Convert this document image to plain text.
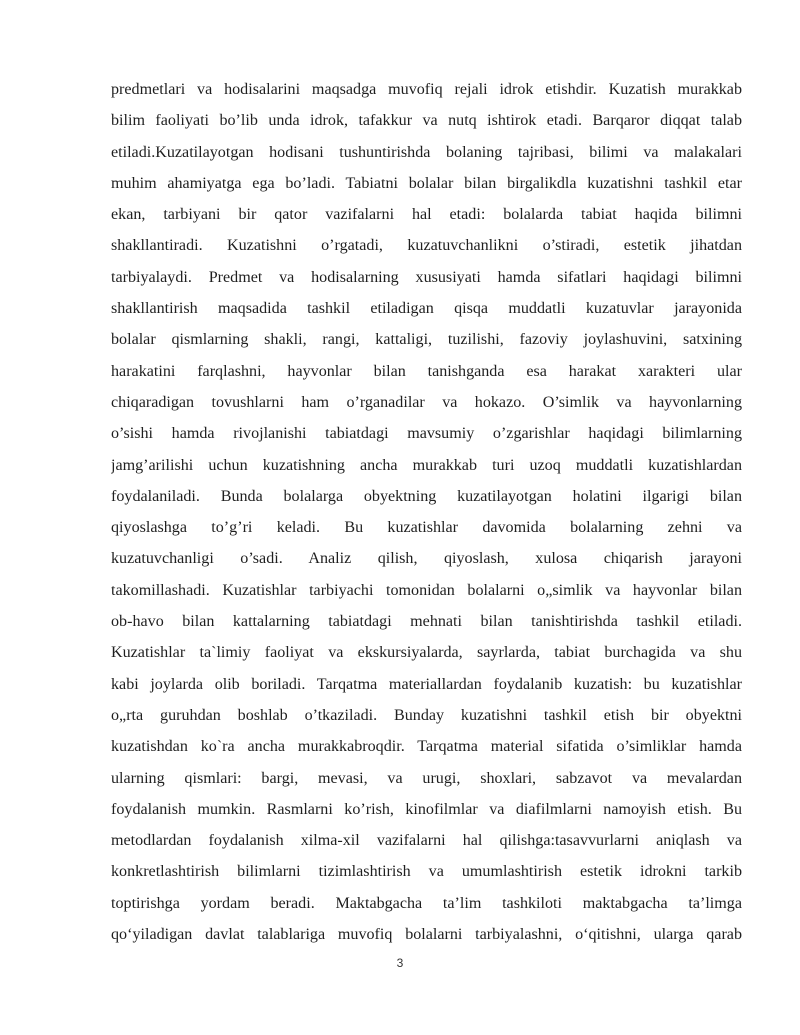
predmetlari va hodisalarini maqsadga muvofiq rejali idrok etishdir. Kuzatish murakkab
bilim faoliyati bo’lib unda idrok, tafakkur va nutq ishtirok etadi. Barqaror diqqat talab
etiladi.Kuzatilayotgan hodisani tushuntirishda bolaning tajribasi, bilimi va malakalari
muhim ahamiyatga ega bo’ladi. Tabiatni bolalar bilan birgalikdla kuzatishni tashkil etar
ekan, tarbiyani bir qator vazifalarni hal etadi: bolalarda tabiat haqida bilimni
shakllantiradi. Kuzatishni o’rgatadi, kuzatuvchanlikni o’stiradi, estetik jihatdan
tarbiyalaydi. Predmet va hodisalarning xususiyati hamda sifatlari haqidagi bilimni
shakllantirish maqsadida tashkil etiladigan qisqa muddatli kuzatuvlar jarayonida
bolalar qismlarning shakli, rangi, kattaligi, tuzilishi, fazoviy joylashuvini, satxining
harakatini farqlashni, hayvonlar bilan tanishganda esa harakat xarakteri ular
chiqaradigan tovushlarni ham o’rganadilar va hokazo. O’simlik va hayvonlarning
o’sishi hamda rivojlanishi tabiatdagi mavsumiy o’zgarishlar haqidagi bilimlarning
jamg’arilishi uchun kuzatishning ancha murakkab turi uzoq muddatli kuzatishlardan
foydalaniladi. Bunda bolalarga obyektning kuzatilayotgan holatini ilgarigi bilan
qiyoslashga to’g’ri keladi. Bu kuzatishlar davomida bolalarning zehni va
kuzatuvchanligi o’sadi. Analiz qilish, qiyoslash, xulosa chiqarish jarayoni
takomillashadi. Kuzatishlar tarbiyachi tomonidan bolalarni o„simlik va hayvonlar bilan
ob-havo bilan kattalarning tabiatdagi mehnati bilan tanishtirishda tashkil etiladi.
Kuzatishlar ta`limiy faoliyat va ekskursiyalarda, sayrlarda, tabiat burchagida va shu
kabi joylarda olib boriladi. Tarqatma materiallardan foydalanib kuzatish: bu kuzatishlar
o„rta guruhdan boshlab o’tkaziladi. Bunday kuzatishni tashkil etish bir obyektni
kuzatishdan ko`ra ancha murakkabroqdir. Tarqatma material sifatida o’simliklar hamda
ularning qismlari: bargi, mevasi, va urugi, shoxlari, sabzavot va mevalardan
foydalanish mumkin. Rasmlarni ko’rish, kinofilmlar va diafilmlarni namoyish etish. Bu
metodlardan foydalanish xilma-xil vazifalarni hal qilishga:tasavvurlarni aniqlash va
konkretlashtirish bilimlarni tizimlashtirish va umumlashtirish estetik idrokni tarkib
toptirishga yordam beradi. Maktabgacha ta’lim tashkiloti maktabgacha ta’limga
qo‘yiladigan davlat talablariga muvofiq bolalarni tarbiyalashni, o‘qitishni, ularga qarab
3
